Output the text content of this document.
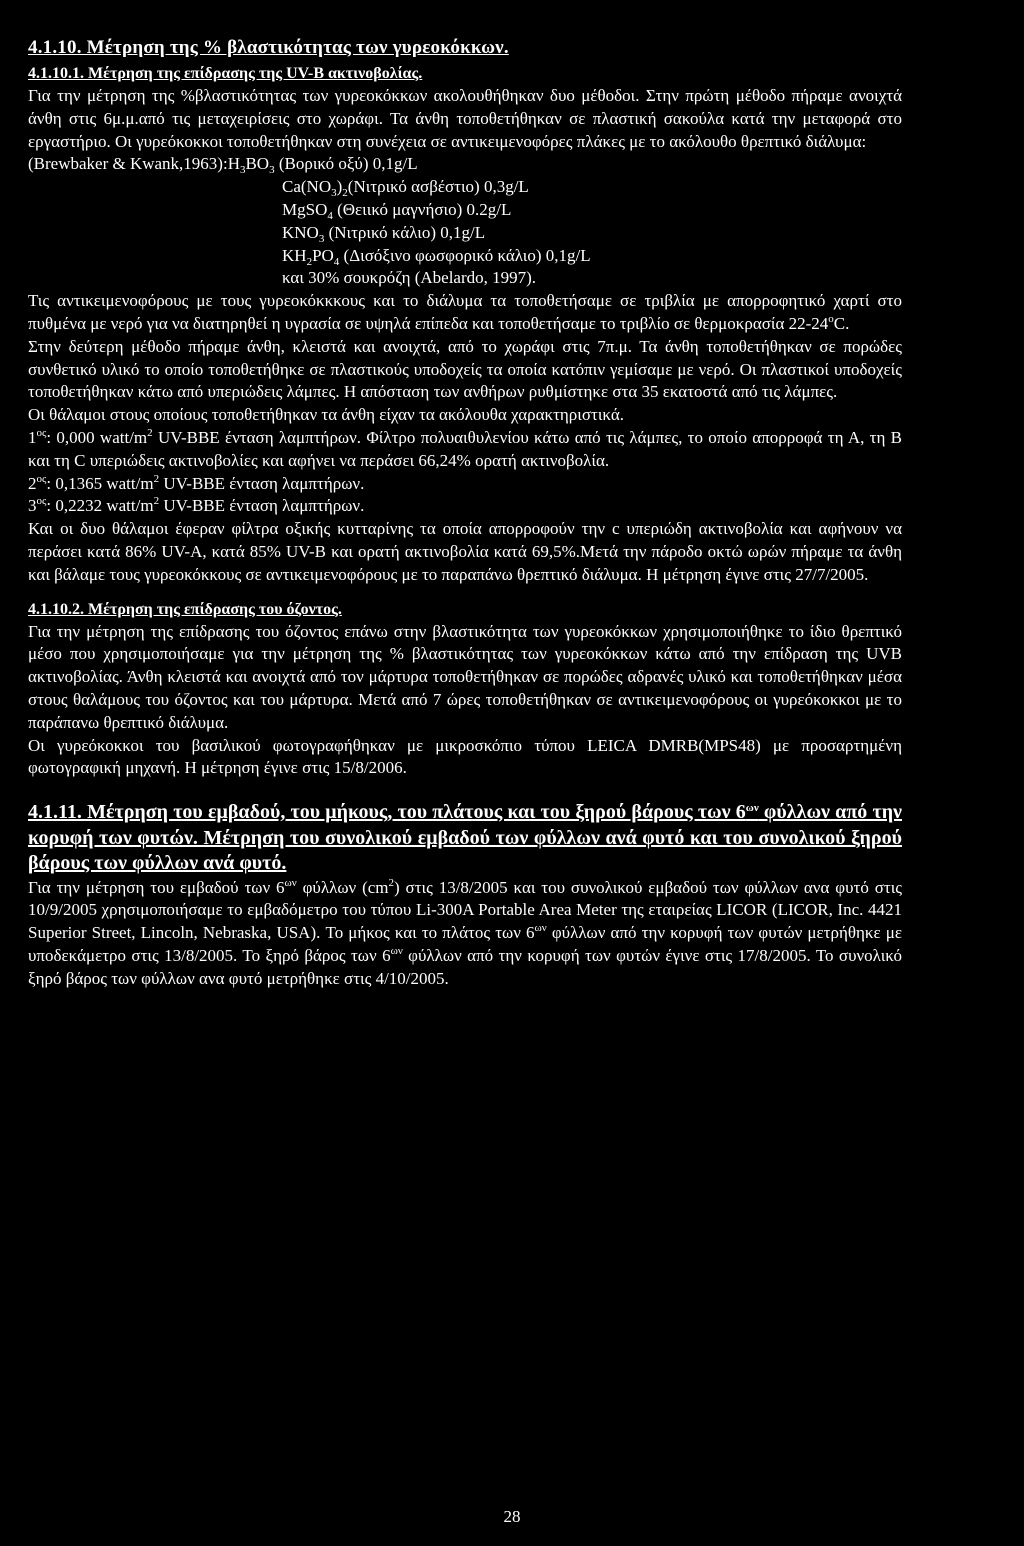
4.1.10. Μέτρηση της % βλαστικότητας των γυρεοκόκκων.

4.1.10.1. Μέτρηση της επίδρασης της UV-B ακτινοβολίας.

Για την μέτρηση της %βλαστικότητας των γυρεοκόκκων ακολουθήθηκαν δυο μέθοδοι. Στην πρώτη μέθοδο πήραμε ανοιχτά άνθη στις 6μ.μ.από τις μεταχειρίσεις στο χωράφι. Τα άνθη τοποθετήθηκαν σε πλαστική σακούλα κατά την μεταφορά στο εργαστήριο. Οι γυρεόκοκκοι τοποθετήθηκαν στη συνέχεια σε αντικειμενοφόρες πλάκες με το ακόλουθο θρεπτικό διάλυμα:

(Brewbaker & $Kwank,1963):H_3BO_3$ (Βορικό οξύ) 0,1g/L

$Ca(NO_3)_2(N\iota\tau\rho\iota\kappa ό$ ασβέστιο) 0,3g/L

MgSO$_4$ (Θειικό μαγνήσιο) 0.2g/L

$KNO_3$ (Νιτρικό κάλιο) 0,1g/L

$KH_2PO_4$ (Δισόξινο φωσφορικό κάλιο) 0,1g/L

και 30% σουκρόζη (Abelardo, 1997).

Τις αντικειμενοφόρους με τους γυρεοκόκκκους και το διάλυμα τα τοποθετήσαμε σε τριβλία με απορροφητικό χαρτί στο πυθμένα με νερό για να διατηρηθεί η υγρασία σε υψηλά επίπεδα και τοποθετήσαμε το τριβλίο σε θερμοκρασία 22-24$^o$C.

Στην δεύτερη μέθοδο πήραμε άνθη, κλειστά και ανοιχτά, από το χωράφι στις 7π.μ. Τα άνθη τοποθετήθηκαν σε πορώδες συνθετικό υλικό το οποίο τοποθετήθηκε σε πλαστικούς υποδοχείς τα οποία κατόπιν γεμίσαμε με νερό. Οι πλαστικοί υποδοχείς τοποθετήθηκαν κάτω από υπεριώδεις λάμπες. Η απόσταση των ανθήρων ρυθμίστηκε στα 35 εκατοστά από τις λάμπες.

Οι θάλαμοι στους οποίους τοποθετήθηκαν τα άνθη είχαν τα ακόλουθα χαρακτηριστικά.

$1^{o\varsigma}$: 0,000 watt/$m^2$ UV-BBE ένταση λαμπτήρων. Φίλτρο πολυαιθυλενίου κάτω από τις λάμπες, το οποίο απορροφά τη Α, τη Β και τη C υπεριώδεις ακτινοβολίες και αφήνει να περάσει 66,24% ορατή ακτινοβολία.

$2^{o\varsigma}$: 0,1365 watt/$m^2$ UV-BBE ένταση λαμπτήρων.

$3^{o\varsigma}$: 0,2232 watt/$m^2$ UV-BBE ένταση λαμπτήρων.

Και οι δυο θάλαμοι έφεραν φίλτρα οξικής κυτταρίνης τα οποία απορροφούν την c υπεριώδη ακτινοβολία και αφήνουν να περάσει κατά 86% UV-A, κατά 85% UV-B και ορατή ακτινοβολία κατά 69,5%.Μετά την πάροδο οκτώ ωρών πήραμε τα άνθη και βάλαμε τους γυρεοκόκκους σε αντικειμενοφόρους με το παραπάνω θρεπτικό διάλυμα. Η μέτρηση έγινε στις 27/7/2005.

4.1.10.2. Μέτρηση της επίδρασης του όζοντος.

Για την μέτρηση της επίδρασης του όζοντος επάνω στην βλαστικότητα των γυρεοκόκκων χρησιμοποιήθηκε το ίδιο θρεπτικό μέσο που χρησιμοποιήσαμε για την μέτρηση της % βλαστικότητας των γυρεοκόκκων κάτω από την επίδραση της UVB ακτινοβολίας. Άνθη κλειστά και ανοιχτά από τον μάρτυρα τοποθετήθηκαν σε πορώδες αδρανές υλικό και τοποθετήθηκαν μέσα στους θαλάμους του όζοντος και του μάρτυρα. Μετά από 7 ώρες τοποθετήθηκαν σε αντικειμενοφόρους οι γυρεόκοκκοι με το παράπανω θρεπτικό διάλυμα.

Οι γυρεόκοκκοι του βασιλικού φωτογραφήθηκαν με μικροσκόπιο τύπου LEICA DMRB(MPS48) με προσαρτημένη φωτογραφική μηχανή. Η μέτρηση έγινε στις 15/8/2006.

4.1.11. Μέτρηση του εμβαδού, του μήκους, του πλάτους και του ξηρού βάρους των $6^{\omega\nu}$ φύλλων από την κορυφή των φυτών. Μέτρηση του συνολικού εμβαδού των φύλλων ανά φυτό και του συνολικού ξηρού βάρους των φύλλων ανά φυτό.

Για την μέτρηση του εμβαδού των $6^{\omega\nu}$ φύλλων $(cm^2)$ στις 13/8/2005 και του συνολικού εμβαδού των φύλλων ανα φυτό στις 10/9/2005 χρησιμοποιήσαμε το εμβαδόμετρο του τύπου Li-300A Portable Area Meter της εταιρείας LICOR (LICOR, Inc. 4421 Superior Street, Lincoln, Nebraska, USA). Το μήκος και το πλάτος των $6^{\omega\nu}$ φύλλων από την κορυφή των φυτών μετρήθηκε με υποδεκάμετρο στις 13/8/2005. Το ξηρό βάρος των $6^{\omega\nu}$ φύλλων από την κορυφή των φυτών έγινε στις 17/8/2005. Το συνολικό ξηρό βάρος των φύλλων ανα φυτό μετρήθηκε στις 4/10/2005.

28
